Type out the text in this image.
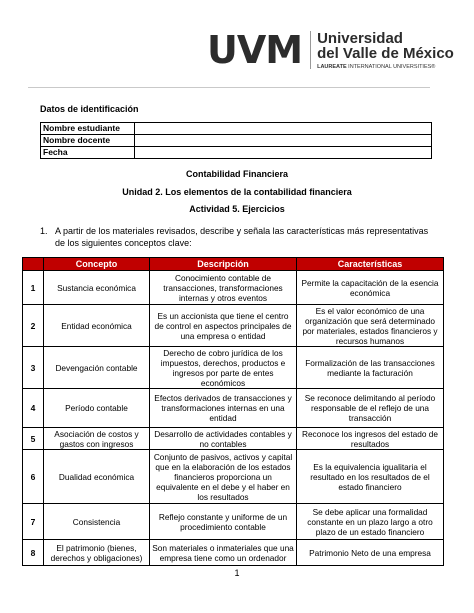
UVM Universidad
del Valle de México
LAUREATE INTERNATIONAL UNIVERSITIES®
Datos de identificación
Nombre estudiante	
Nombre docente	
Fecha	
Contabilidad Financiera
Unidad 2. Los elementos de la contabilidad financiera
Actividad 5. Ejercicios
1. A partir de los materiales revisados, describe y señala las características más representativas de los siguientes conceptos clave:
	Concepto	Descripción	Características
1	Sustancia económica	Conocimiento contable de transacciones, transformaciones internas y otros eventos	Permite la capacitación de la esencia económica
2	Entidad económica	Es un accionista que tiene el centro de control en aspectos principales de una empresa o entidad	Es el valor económico de una organización que será determinado por materiales, estados financieros y recursos humanos
3	Devengación contable	Derecho de cobro jurídica de los impuestos, derechos, productos e ingresos por parte de entes económicos	Formalización de las transacciones mediante la facturación
4	Período contable	Efectos derivados de transacciones y transformaciones internas en una entidad	Se reconoce delimitando al período responsable de el reflejo de una transacción
5	Asociación de costos y gastos con ingresos	Desarrollo de actividades contables y no contables	Reconoce los ingresos del estado de resultados
6	Dualidad económica	Conjunto de pasivos, activos y capital que en la elaboración de los estados financieros proporciona un equivalente en el debe y el haber en los resultados	Es la equivalencia igualitaria el resultado en los resultados de el estado financiero
7	Consistencia	Reflejo constante y uniforme de un procedimiento contable	Se debe aplicar una formalidad constante en un plazo largo a otro plazo de un estado financiero
8	El patrimonio (bienes, derechos y obligaciones)	Son materiales o inmateriales que una empresa tiene como un ordenador	Patrimonio Neto de una empresa
1
